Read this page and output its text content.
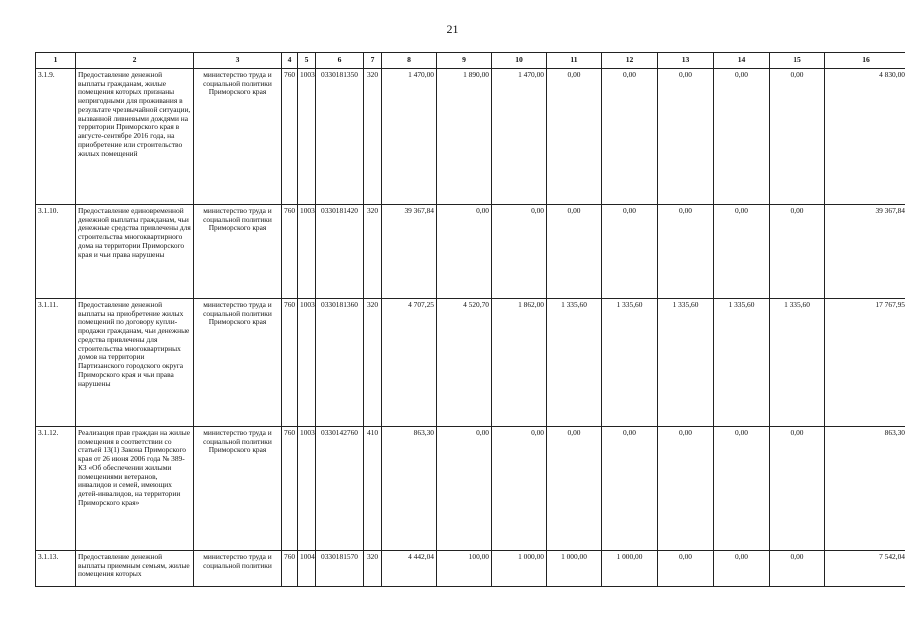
21
1	2	3	4	5	6	7	8	9	10	11	12	13	14	15	16
3.1.9.	Предоставление денежной выплаты гражданам, жилые помещения которых признаны непригодными для проживания в результате чрезвычайной ситуации, вызванной ливневыми дождями на территории Приморского края в августе-сентябре 2016 года, на приобретение или строительство жилых помещений	министерство труда и социальной политики Приморского края	760	1003	0330181350	320	1 470,00	1 890,00	1 470,00	0,00	0,00	0,00	0,00	0,00	4 830,00
3.1.10.	Предоставление единовременной денежной выплаты гражданам, чьи денежные средства привлечены для строительства многоквартирного дома на территории Приморского края и чьи права нарушены	министерство труда и социальной политики Приморского края	760	1003	0330181420	320	39 367,84	0,00	0,00	0,00	0,00	0,00	0,00	0,00	39 367,84
3.1.11.	Предоставление денежной выплаты на приобретение жилых помещений по договору купли-продажи гражданам, чьи денежные средства привлечены для строительства многоквартирных домов на территории Партизанского городского округа Приморского края и чьи права нарушены	министерство труда и социальной политики Приморского края	760	1003	0330181360	320	4 707,25	4 520,70	1 862,00	1 335,60	1 335,60	1 335,60	1 335,60	1 335,60	17 767,95
3.1.12.	Реализация прав граждан на жилые помещения в соответствии со статьей 13(1) Закона Приморского края от 26 июня 2006 года № 389-КЗ «Об обеспечении жилыми помещениями ветеранов, инвалидов и семей, имеющих детей-инвалидов, на территории Приморского края»	министерство труда и социальной политики Приморского края	760	1003	0330142760	410	863,30	0,00	0,00	0,00	0,00	0,00	0,00	0,00	863,30
3.1.13.	Предоставление денежной выплаты приемным семьям, жилые помещения которых	министерство труда и социальной политики	760	1004	0330181570	320	4 442,04	100,00	1 000,00	1 000,00	1 000,00	0,00	0,00	0,00	7 542,04
